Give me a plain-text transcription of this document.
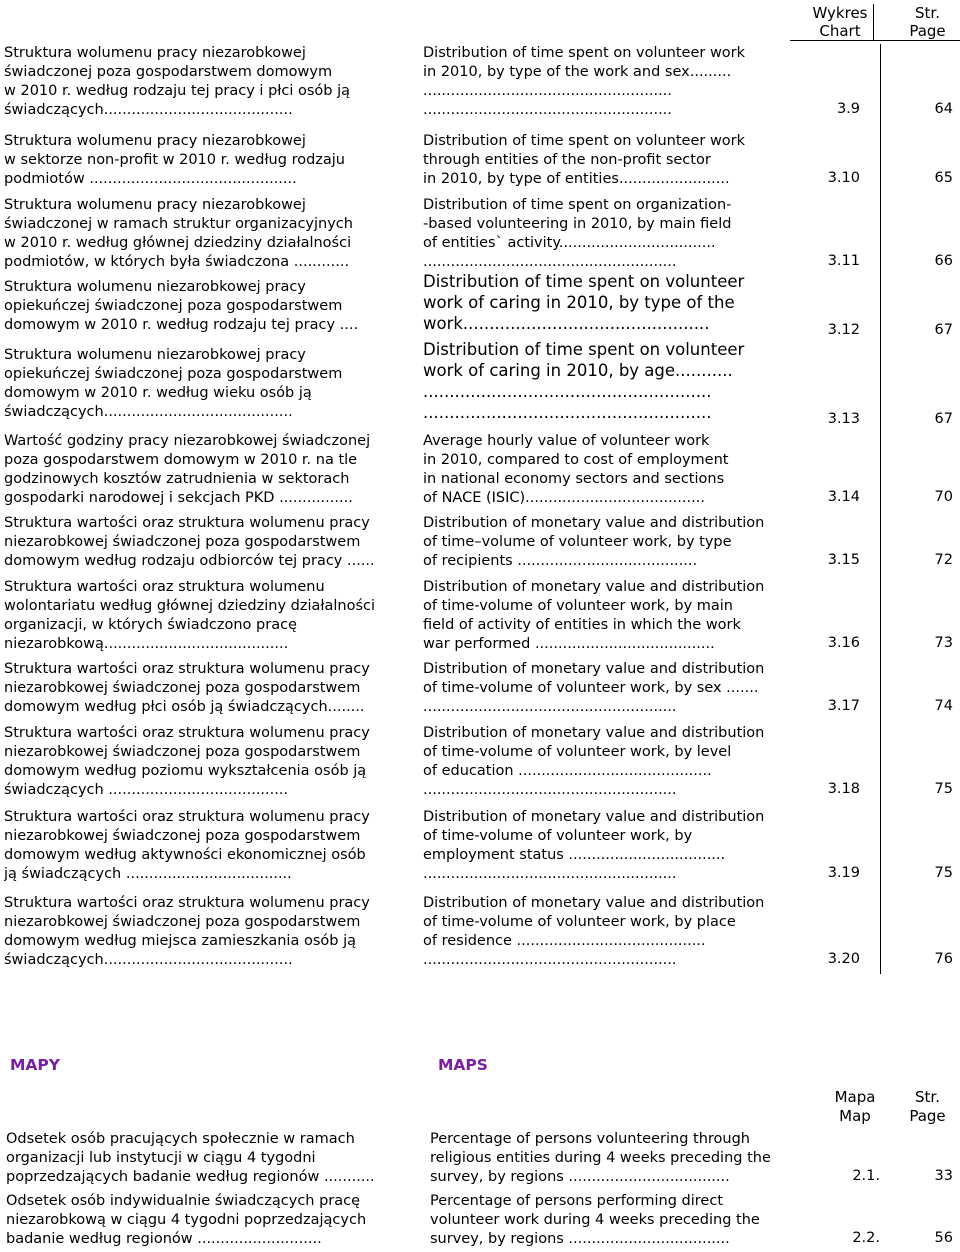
Wykres
Chart
Str.
Page
Struktura wolumenu pracy niezarobkowej
świadczonej poza gospodarstwem domowym
w 2010 r. według rodzaju tej pracy i płci osób ją
świadczących.........................................
Distribution of time spent on volunteer work
in 2010, by type of the work and sex.........
......................................................
......................................................	3.9	64
Struktura wolumenu pracy niezarobkowej
w sektorze non-profit w 2010 r. według rodzaju
podmiotów .............................................
Distribution of time spent on volunteer work
through entities of the non-profit sector
in 2010, by type of entities........................	3.10	65
Struktura wolumenu pracy niezarobkowej
świadczonej w ramach struktur organizacyjnych
w 2010 r. według głównej dziedziny działalności
podmiotów, w których była świadczona ............
Distribution of time spent on organization-
-based volunteering in 2010, by main field
of entities` activity..................................
.......................................................	3.11	66
Struktura wolumenu niezarobkowej pracy
opiekuńczej świadczonej poza gospodarstwem
domowym w 2010 r. według rodzaju tej pracy ....
Distribution of time spent on volunteer
work of caring in 2010, by type of the
work...............................................	3.12	67
Struktura wolumenu niezarobkowej pracy
opiekuńczej świadczonej poza gospodarstwem
domowym w 2010 r. według wieku osób ją
świadczących.........................................
Distribution of time spent on volunteer
work of caring in 2010, by age...........
.......................................................
.......................................................	3.13	67
Wartość godziny pracy niezarobkowej świadczonej
poza gospodarstwem domowym w 2010 r. na tle
godzinowych kosztów zatrudnienia w sektorach
gospodarki narodowej i sekcjach PKD ................
Average hourly value of volunteer work
in 2010, compared to cost of employment
in national economy sectors and sections
of NACE (ISIC).......................................	3.14	70
Struktura wartości oraz struktura wolumenu pracy
niezarobkowej świadczonej poza gospodarstwem
domowym według rodzaju odbiorców tej pracy ......
Distribution of monetary value and distribution
of time–volume of volunteer work, by type
of recipients .......................................	3.15	72
Struktura wartości oraz struktura wolumenu
wolontariatu według głównej dziedziny działalności
organizacji, w których świadczono pracę
niezarobkową........................................
Distribution of monetary value and distribution
of time-volume of volunteer work, by main
field of activity of entities in which the work
war performed .......................................	3.16	73
Struktura wartości oraz struktura wolumenu pracy
niezarobkowej świadczonej poza gospodarstwem
domowym według płci osób ją świadczących........
Distribution of monetary value and distribution
of time-volume of volunteer work, by sex .......
.......................................................	3.17	74
Struktura wartości oraz struktura wolumenu pracy
niezarobkowej świadczonej poza gospodarstwem
domowym według poziomu wykształcenia osób ją
świadczących .......................................
Distribution of monetary value and distribution
of time-volume of volunteer work, by level
of education ..........................................
.......................................................	3.18	75
Struktura wartości oraz struktura wolumenu pracy
niezarobkowej świadczonej poza gospodarstwem
domowym według aktywności ekonomicznej osób
ją świadczących ....................................
Distribution of monetary value and distribution
of time-volume of volunteer work, by
employment status ..................................
.......................................................	3.19	75
Struktura wartości oraz struktura wolumenu pracy
niezarobkowej świadczonej poza gospodarstwem
domowym według miejsca zamieszkania osób ją
świadczących.........................................
Distribution of monetary value and distribution
of time-volume of volunteer work, by place
of residence .........................................
.......................................................	3.20	76
MAPY	MAPS
Mapa
Map
Str.
Page
Odsetek osób pracujących społecznie w ramach
organizacji lub instytucji w ciągu 4 tygodni
poprzedzających badanie według regionów ...........
Percentage of persons volunteering through
religious entities during 4 weeks preceding the
survey, by regions ...................................	2.1.	33
Odsetek osób indywidualnie świadczących pracę
niezarobkową w ciągu 4 tygodni poprzedzających
badanie według regionów ...........................
Percentage of persons performing direct
volunteer work during 4 weeks preceding the
survey, by regions ...................................	2.2.	56
